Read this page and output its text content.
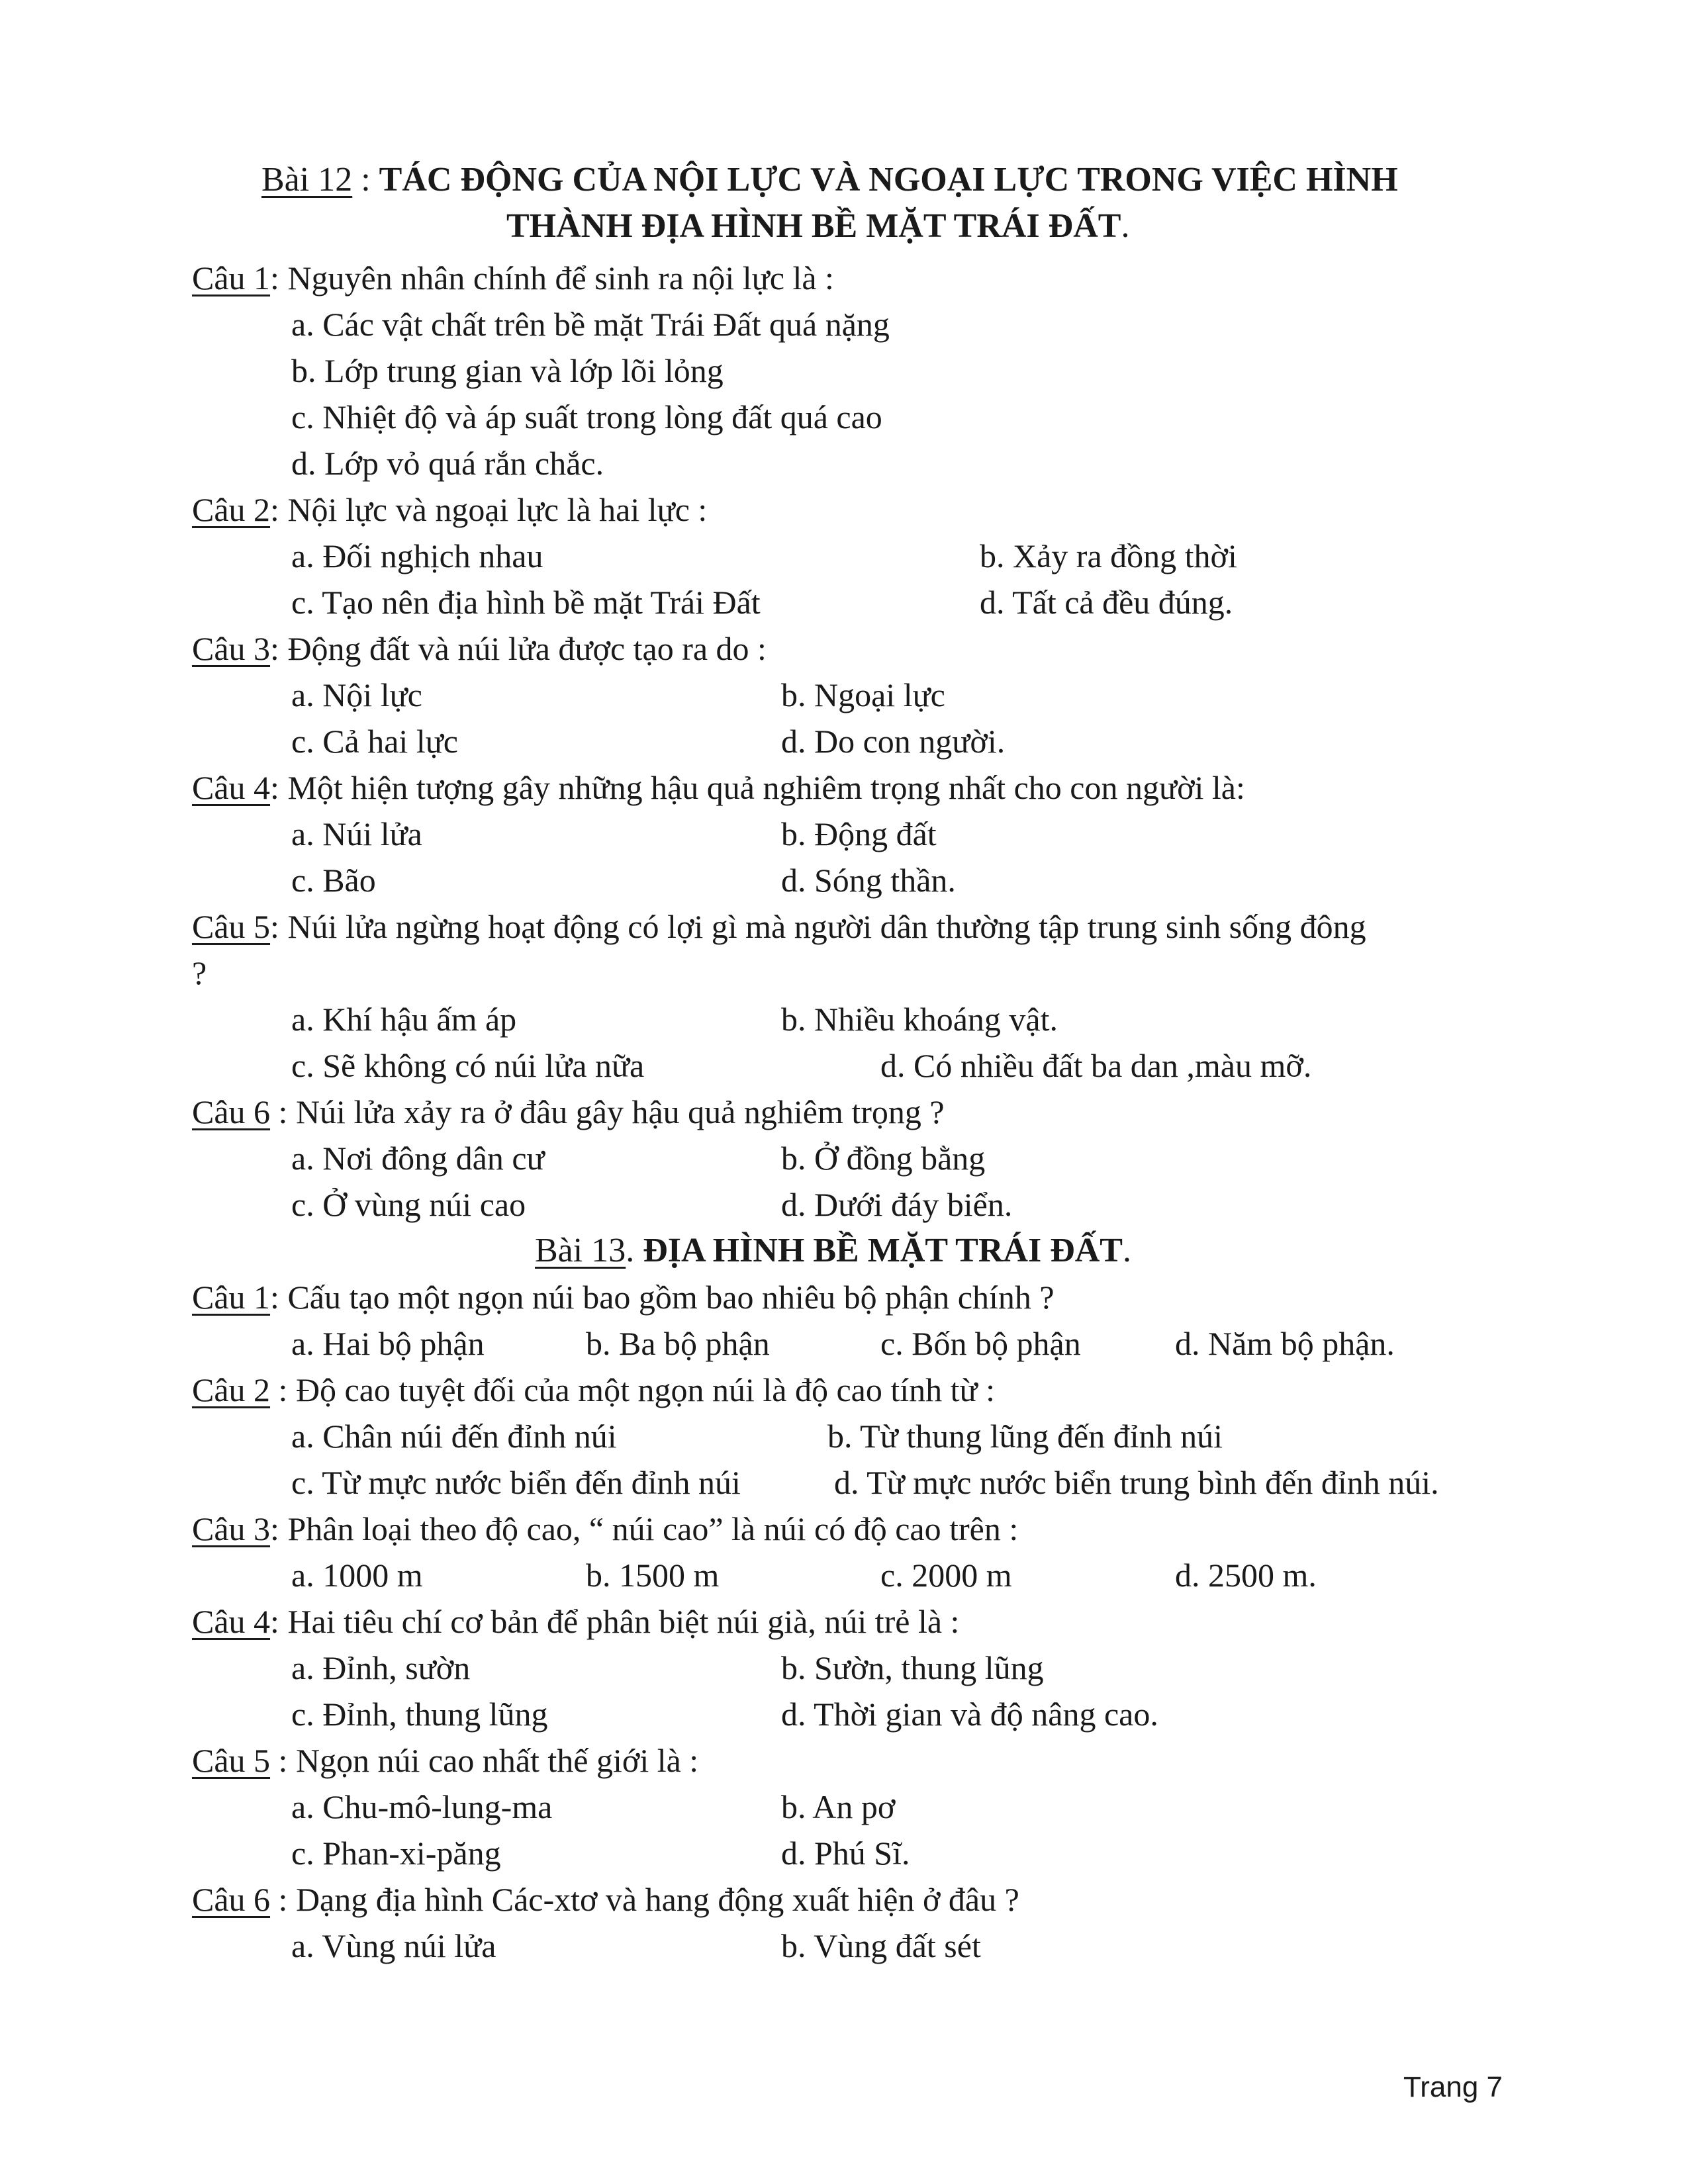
Bài 12 : TÁC ĐỘNG CỦA NỘI LỰC VÀ NGOẠI LỰC TRONG VIỆC HÌNH
THÀNH ĐỊA HÌNH BỀ MẶT TRÁI ĐẤT.
Câu 1: Nguyên nhân chính để sinh ra nội lực là :
a. Các vật chất trên bề mặt Trái Đất quá nặng
b. Lớp trung gian và lớp lõi lỏng
c. Nhiệt độ và áp suất trong lòng đất quá cao
d. Lớp vỏ quá rắn chắc.
Câu 2: Nội lực và ngoại lực là hai lực :
a. Đối nghịch nhau	b. Xảy ra đồng thời
c. Tạo nên địa hình bề mặt Trái Đất	d. Tất cả đều đúng.
Câu 3: Động đất và núi lửa được tạo ra do :
a. Nội lực	b. Ngoại lực
c. Cả hai lực	d. Do con người.
Câu 4: Một hiện tượng gây những hậu quả nghiêm trọng nhất cho con người là:
a. Núi lửa	b. Động đất
c. Bão	d. Sóng thần.
Câu 5: Núi lửa ngừng hoạt động có lợi gì mà người dân thường tập trung sinh sống đông
?
a. Khí hậu ấm áp	b. Nhiều khoáng vật.
c. Sẽ không có núi lửa nữa	d. Có nhiều đất ba dan ,màu mỡ.
Câu 6 : Núi lửa xảy ra ở đâu gây hậu quả nghiêm trọng ?
a. Nơi đông dân cư	b. Ở đồng bằng
c. Ở vùng núi cao	d. Dưới đáy biển.
Bài 13. ĐỊA HÌNH BỀ MẶT TRÁI ĐẤT.
Câu 1: Cấu tạo một ngọn núi bao gồm bao nhiêu bộ phận chính ?
a. Hai bộ phận	b. Ba bộ phận	c. Bốn bộ phận	d. Năm bộ phận.
Câu 2 : Độ cao tuyệt đối của một ngọn núi là độ cao tính từ :
a. Chân núi đến đỉnh núi	b. Từ thung lũng đến đỉnh núi
c. Từ mực nước biển đến đỉnh núi	d. Từ mực nước biển trung bình đến đỉnh núi.
Câu 3: Phân loại theo độ cao, “ núi cao” là núi có độ cao trên :
a. 1000 m	b. 1500 m	c. 2000 m	d. 2500 m.
Câu 4: Hai tiêu chí cơ bản để phân biệt núi già, núi trẻ là :
a. Đỉnh, sườn	b. Sườn, thung lũng
c. Đỉnh, thung lũng	d. Thời gian và độ nâng cao.
Câu 5 : Ngọn núi cao nhất thế giới là :
a. Chu-mô-lung-ma	b. An pơ
c. Phan-xi-păng	d. Phú Sĩ.
Câu 6 : Dạng địa hình Các-xtơ và hang động xuất hiện ở đâu ?
a. Vùng núi lửa	b. Vùng đất sét
Trang 7
